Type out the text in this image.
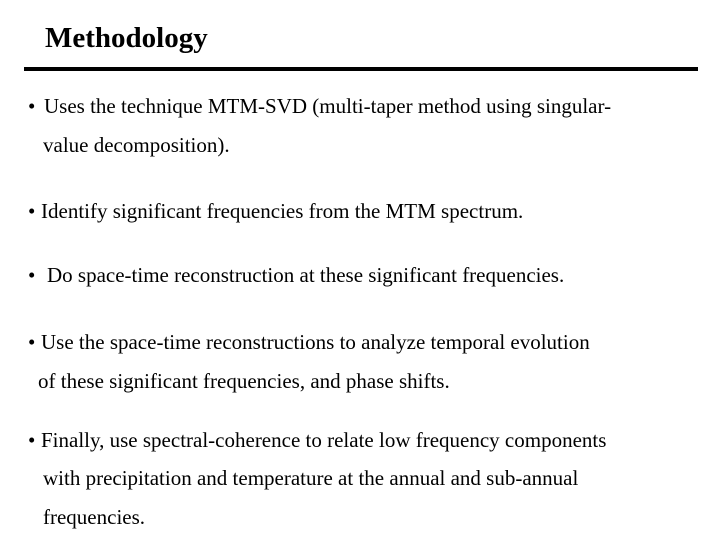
Methodology
• Uses the technique MTM-SVD (multi-taper method using singular-
value decomposition).
• Identify significant frequencies from the MTM spectrum.
• Do space-time reconstruction at these significant frequencies.
• Use the space-time reconstructions to analyze temporal evolution
of these significant frequencies, and phase shifts.
• Finally, use spectral-coherence to relate low frequency components
with precipitation and temperature at the annual and sub-annual
frequencies.
